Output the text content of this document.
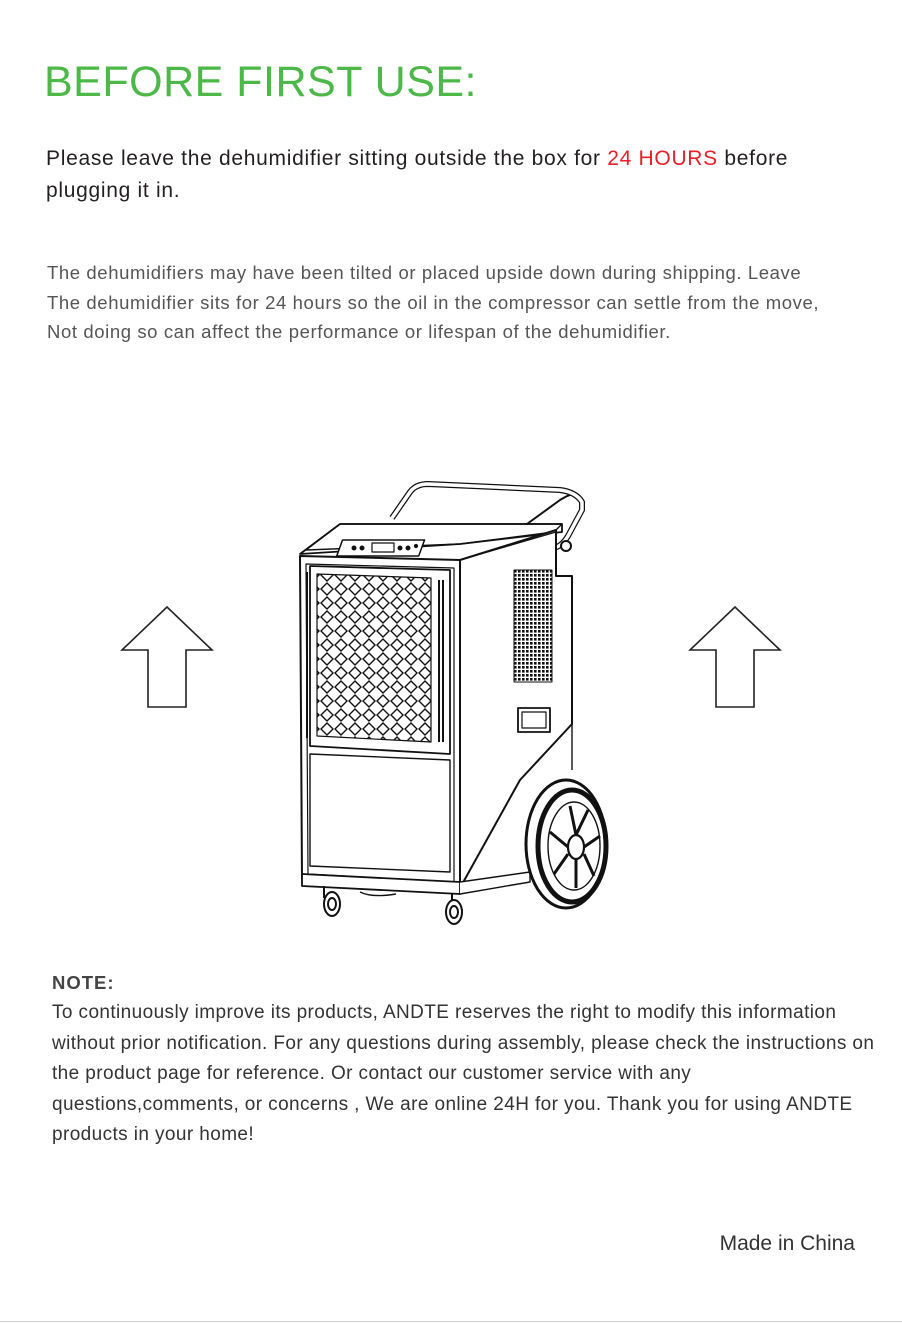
BEFORE FIRST USE:

Please leave the dehumidifier sitting outside the box for 24 HOURS before plugging it in.

The dehumidifiers may have been tilted or placed upside down during shipping. Leave The dehumidifier sits for 24 hours so the oil in the compressor can settle from the move, Not doing so can affect the performance or lifespan of the dehumidifier.

NOTE:

To continuously improve its products, ANDTE reserves the right to modify this information without prior notification. For any questions during assembly, please check the instructions on the product page for reference. Or contact our customer service with any questions,comments, or concerns , We are online 24H for you. Thank you for using ANDTE products in your home!

Made in China
